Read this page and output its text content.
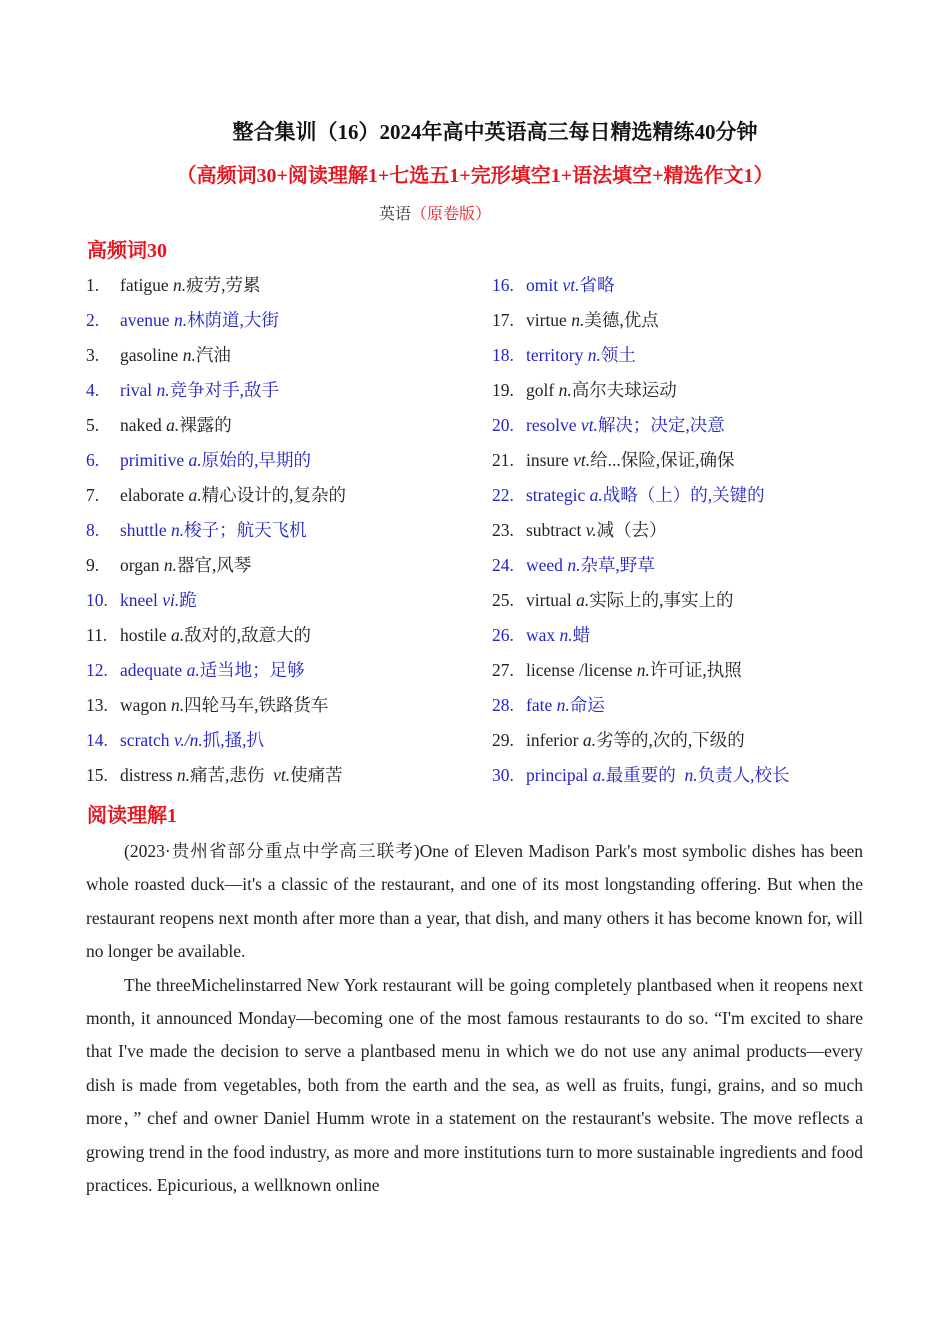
整合集训（16）2024年高中英语高三每日精选精练40分钟
（高频词30+阅读理解1+七选五1+完形填空1+语法填空+精选作文1）
英语（原卷版）
高频词30
1. fatigue n.疲劳,劳累
2. avenue n.林荫道,大街
3. gasoline n.汽油
4. rival n.竞争对手,敌手
5. naked a.裸露的
6. primitive a.原始的,早期的
7. elaborate a.精心设计的,复杂的
8. shuttle n.梭子；航天飞机
9. organ n.器官,风琴
10. kneel vi.跪
11. hostile a.敌对的,敌意大的
12. adequate a.适当地；足够
13. wagon n.四轮马车,铁路货车
14. scratch v./n.抓,搔,扒
15. distress n.痛苦,悲伤 vt.使痛苦
16. omit vt.省略
17. virtue n.美德,优点
18. territory n.领土
19. golf n.高尔夫球运动
20. resolve vt.解决；决定,决意
21. insure vt.给...保险,保证,确保
22. strategic a.战略（上）的,关键的
23. subtract v.减（去）
24. weed n.杂草,野草
25. virtual a.实际上的,事实上的
26. wax n.蜡
27. license /license n.许可证,执照
28. fate n.命运
29. inferior a.劣等的,次的,下级的
30. principal a.最重要的 n.负责人,校长
阅读理解1

(2023·贵州省部分重点中学高三联考)One of Eleven Madison Park's most symbolic dishes has been whole roasted duck—it's a classic of the restaurant, and one of its most longstanding offering. But when the restaurant reopens next month after more than a year, that dish, and many others it has become known for, will no longer be available.

The threeMichelinstarred New York restaurant will be going completely plantbased when it reopens next month, it announced Monday—becoming one of the most famous restaurants to do so. “I'm excited to share that I've made the decision to serve a plantbased menu in which we do not use any animal products—every dish is made from vegetables, both from the earth and the sea, as well as fruits, fungi, grains, and so much more，” chef and owner Daniel Humm wrote in a statement on the restaurant's website. The move reflects a growing trend in the food industry, as more and more institutions turn to more sustainable ingredients and food practices. Epicurious, a wellknown online
